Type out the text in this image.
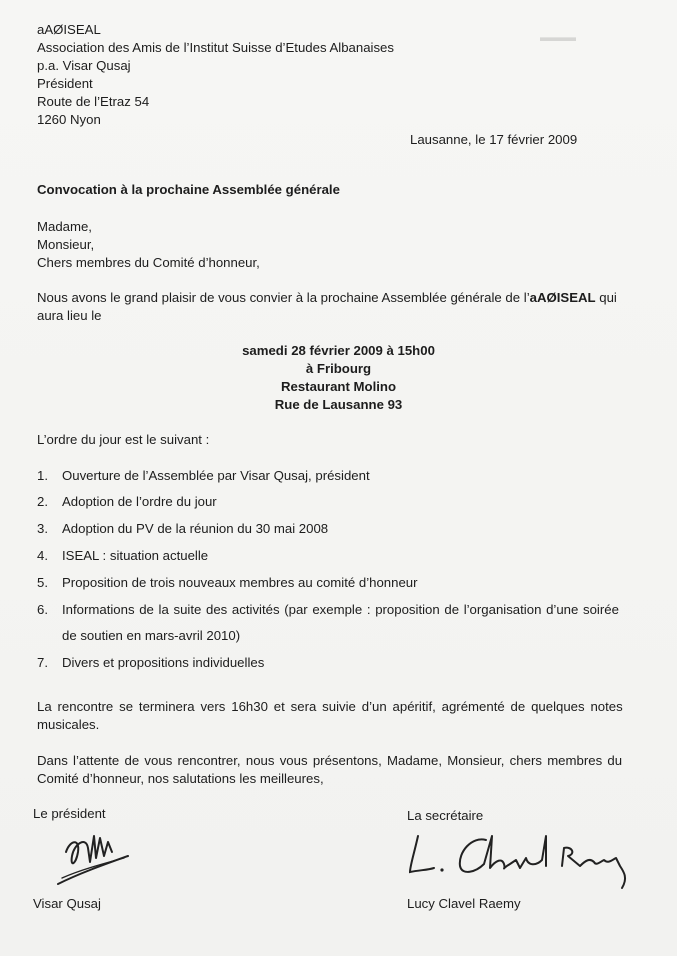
▬▬▬
aAØISEAL
Association des Amis de l’Institut Suisse d’Etudes Albanaises
p.a. Visar Qusaj
Président
Route de l’Etraz 54
1260 Nyon
Lausanne, le 17 février 2009
Convocation à la prochaine Assemblée générale
Madame,
Monsieur,
Chers membres du Comité d’honneur,
Nous avons le grand plaisir de vous convier à la prochaine Assemblée générale de l’aAØISEAL qui
aura lieu le
samedi 28 février 2009 à 15h00
à Fribourg
Restaurant Molino
Rue de Lausanne 93
L’ordre du jour est le suivant :
1. Ouverture de l’Assemblée par Visar Qusaj, président
2. Adoption de l’ordre du jour
3. Adoption du PV de la réunion du 30 mai 2008
4. ISEAL : situation actuelle
5. Proposition de trois nouveaux membres au comité d’honneur
6. Informations de la suite des activités (par exemple : proposition de l’organisation d’une soirée
de soutien en mars-avril 2010)
7. Divers et propositions individuelles
La rencontre se terminera vers 16h30 et sera suivie d’un apéritif, agrémenté de quelques notes
musicales.
Dans l’attente de vous rencontrer, nous vous présentons, Madame, Monsieur, chers membres du
Comité d’honneur, nos salutations les meilleures,
Le président	La secrétaire
Visar Qusaj	Lucy Clavel Raemy
